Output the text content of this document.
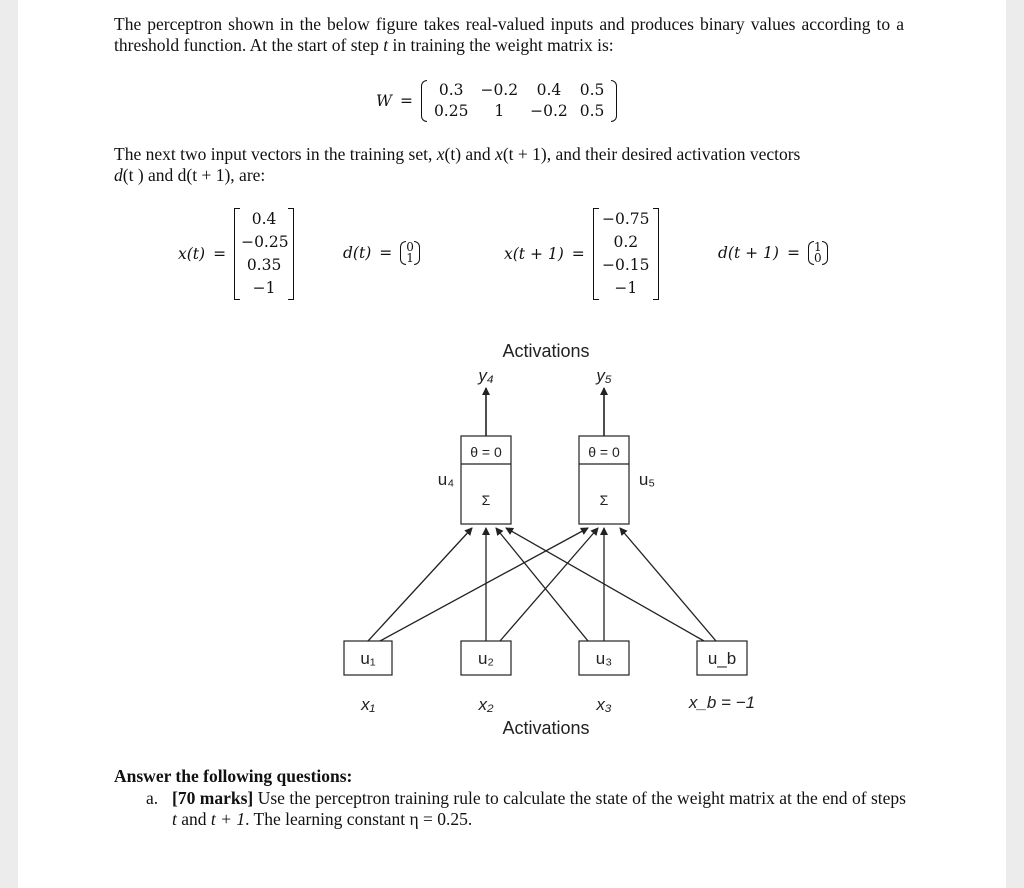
The perceptron shown in the below figure takes real-valued inputs and produces binary values according to a threshold function. At the start of step t in training the weight matrix is:
W =
0.3	−0.2	0.4	0.5
0.25	1	−0.2 0.5
The next two input vectors in the training set, x(t) and x(t + 1), and their desired activation vectors
d(t ) and d(t + 1), are:
x(t) =
0.4
−0.25
0.35
−1
d(t) = 0
1	x(t + 1) =
−0.75
0.2
−0.15
−1
d(t + 1) = 1
0
Activations
y₄	y₅
θ = 0
Σ
θ = 0
Σ
u₄	u₅
u₁	u₂	u₃	u_b
x₁	x₂	x₃	x_b = −1
Activations
Answer the following questions:
a. [70 marks] Use the perceptron training rule to calculate the state of the weight matrix at the end of steps t and t + 1. The learning constant η = 0.25.
